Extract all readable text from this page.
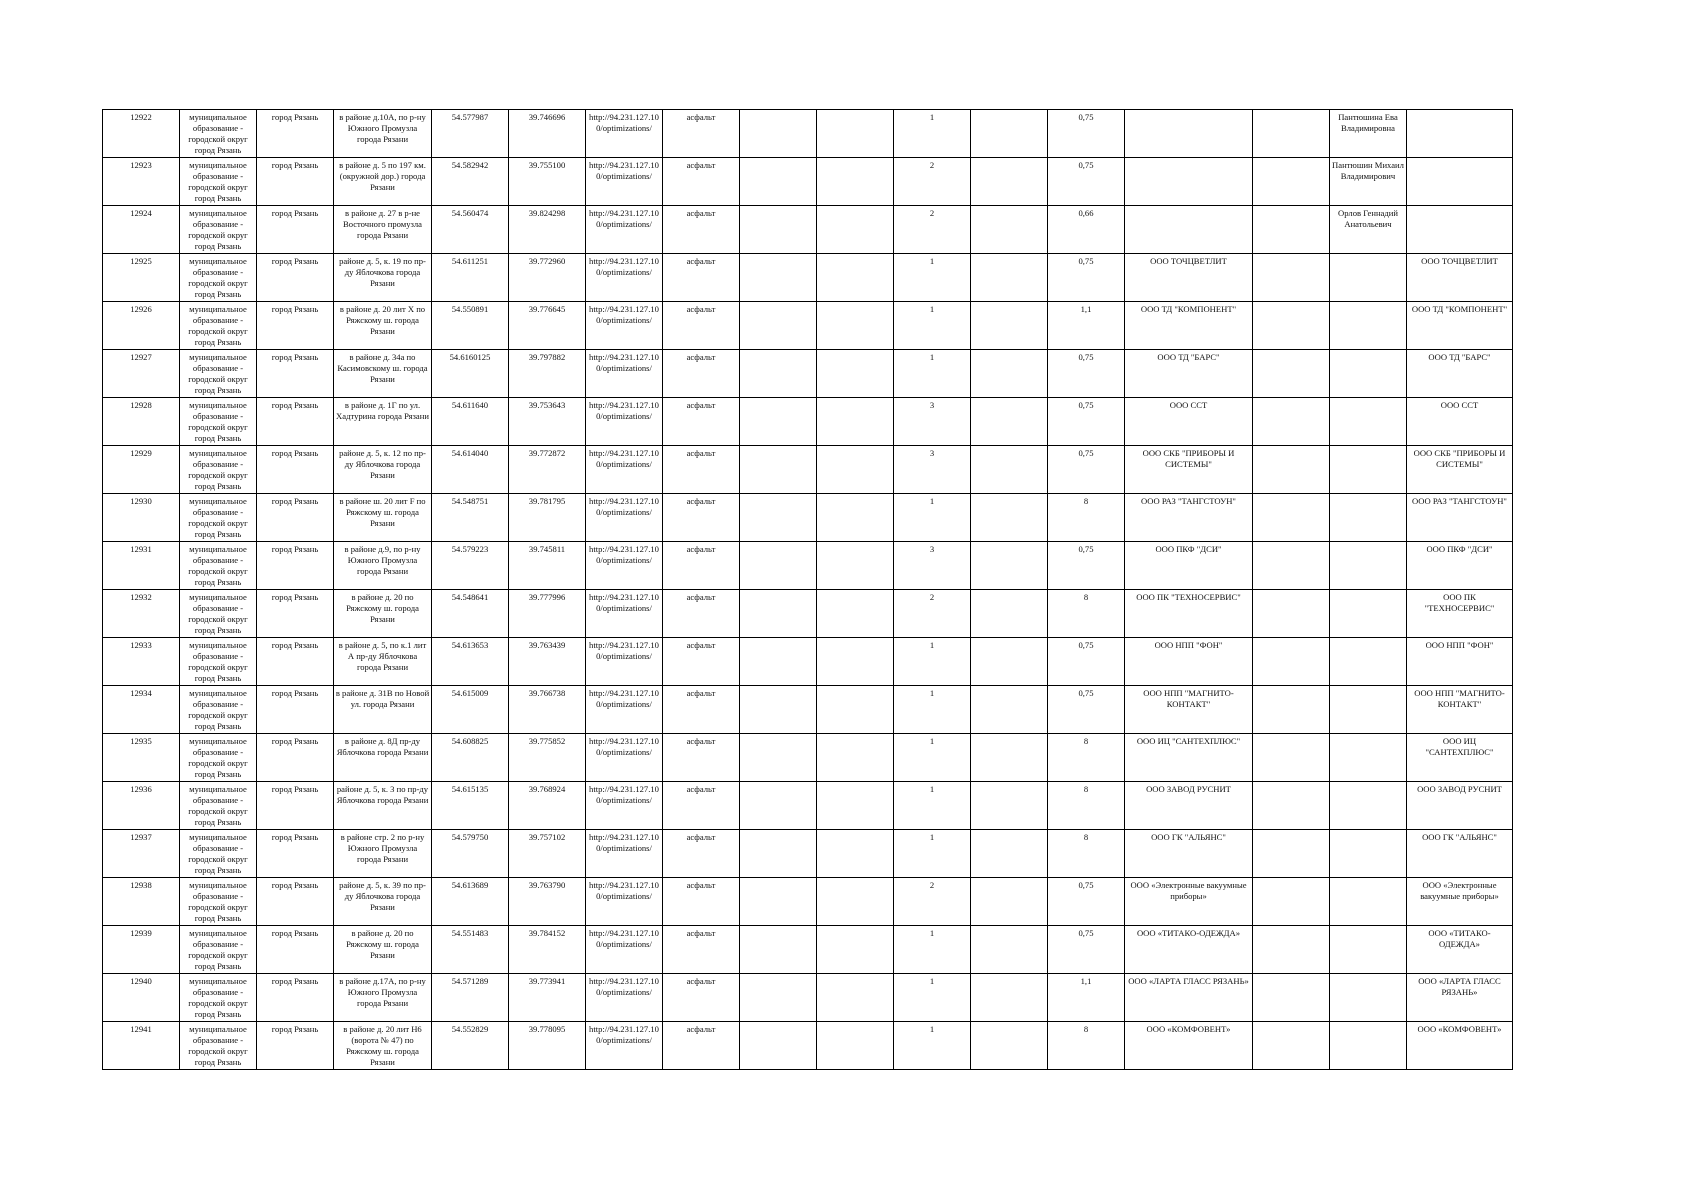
12922	муниципальное образование - городской округ город Рязань	город Рязань	в районе д.10А, по р-ну Южного Промузла города Рязани	54.577987	39.746696	http://94.231.127.100/optimizations/	асфальт			1		0,75			Пантюшина Ева Владимировна	
12923	муниципальное образование - городской округ город Рязань	город Рязань	в районе д. 5 по 197 км. (окружной дор.) города Рязани	54.582942	39.755100	http://94.231.127.100/optimizations/	асфальт			2		0,75			Пантюшин Михаил Владимирович	
12924	муниципальное образование - городской округ город Рязань	город Рязань	в районе д. 27 в р-не Восточного промузла города Рязани	54.560474	39.824298	http://94.231.127.100/optimizations/	асфальт			2		0,66			Орлов Геннадий Анатольевич	
12925	муниципальное образование - городской округ город Рязань	город Рязань	районе д. 5, к. 19 по пр-ду Яблочкова города Рязани	54.611251	39.772960	http://94.231.127.100/optimizations/	асфальт			1		0,75	ООО ТОЧЦВЕТЛИТ			ООО ТОЧЦВЕТЛИТ
12926	муниципальное образование - городской округ город Рязань	город Рязань	в районе д. 20 лит X по Ряжскому ш. города Рязани	54.550891	39.776645	http://94.231.127.100/optimizations/	асфальт			1		1,1	ООО ТД "КОМПОНЕНТ"			ООО ТД "КОМПОНЕНТ"
12927	муниципальное образование - городской округ город Рязань	город Рязань	в районе д. 34а по Касимовскому ш. города Рязани	54.6160125	39.797882	http://94.231.127.100/optimizations/	асфальт			1		0,75	ООО ТД "БАРС"			ООО ТД "БАРС"
12928	муниципальное образование - городской округ город Рязань	город Рязань	в районе д. 1Г по ул. Хадтурина города Рязани	54.611640	39.753643	http://94.231.127.100/optimizations/	асфальт			3		0,75	ООО ССТ			ООО ССТ
12929	муниципальное образование - городской округ город Рязань	город Рязань	районе д. 5, к. 12 по пр-ду Яблочкова города Рязани	54.614040	39.772872	http://94.231.127.100/optimizations/	асфальт			3		0,75	ООО СКБ "ПРИБОРЫ И СИСТЕМЫ"			ООО СКБ "ПРИБОРЫ И СИСТЕМЫ"
12930	муниципальное образование - городской округ город Рязань	город Рязань	в районе ш. 20 лит F по Ряжскому ш. города Рязани	54.548751	39.781795	http://94.231.127.100/optimizations/	асфальт			1		8	ООО РАЗ "ТАНГСТОУН"			ООО РАЗ "ТАНГСТОУН"
12931	муниципальное образование - городской округ город Рязань	город Рязань	в районе д.9, по р-ну Южного Промузла города Рязани	54.579223	39.745811	http://94.231.127.100/optimizations/	асфальт			3		0,75	ООО ПКФ "ДСИ"			ООО ПКФ "ДСИ"
12932	муниципальное образование - городской округ город Рязань	город Рязань	в районе д. 20 по Ряжскому ш. города Рязани	54.548641	39.777996	http://94.231.127.100/optimizations/	асфальт			2		8	ООО ПК "ТЕХНОСЕРВИС"			ООО ПК "ТЕХНОСЕРВИС"
12933	муниципальное образование - городской округ город Рязань	город Рязань	в районе д. 5, по к.1 лит А пр-ду Яблочкова города Рязани	54.613653	39.763439	http://94.231.127.100/optimizations/	асфальт			1		0,75	ООО НПП "ФОН"			ООО НПП "ФОН"
12934	муниципальное образование - городской округ город Рязань	город Рязань	в районе д. 31В по Новой ул. города Рязани	54.615009	39.766738	http://94.231.127.100/optimizations/	асфальт			1		0,75	ООО НПП "МАГНИТО-КОНТАКТ"			ООО НПП "МАГНИТО-КОНТАКТ"
12935	муниципальное образование - городской округ город Рязань	город Рязань	в районе д. 8Д пр-ду Яблочкова города Рязани	54.608825	39.775852	http://94.231.127.100/optimizations/	асфальт			1		8	ООО ИЦ "САНТЕХПЛЮС"			ООО ИЦ "САНТЕХПЛЮС"
12936	муниципальное образование - городской округ город Рязань	город Рязань	районе д. 5, к. 3 по пр-ду Яблочкова города Рязани	54.615135	39.768924	http://94.231.127.100/optimizations/	асфальт			1		8	ООО ЗАВОД РУСНИТ			ООО ЗАВОД РУСНИТ
12937	муниципальное образование - городской округ город Рязань	город Рязань	в районе стр. 2 по р-ну Южного Промузла города Рязани	54.579750	39.757102	http://94.231.127.100/optimizations/	асфальт			1		8	ООО ГК "АЛЬЯНС"			ООО ГК "АЛЬЯНС"
12938	муниципальное образование - городской округ город Рязань	город Рязань	районе д. 5, к. 39 по пр-ду Яблочкова города Рязани	54.613689	39.763790	http://94.231.127.100/optimizations/	асфальт			2		0,75	ООО «Электронные вакуумные приборы»			ООО «Электронные вакуумные приборы»
12939	муниципальное образование - городской округ город Рязань	город Рязань	в районе д. 20 по Ряжскому ш. города Рязани	54.551483	39.784152	http://94.231.127.100/optimizations/	асфальт			1		0,75	ООО «ТИТАКО-ОДЕЖДА»			ООО «ТИТАКО-ОДЕЖДА»
12940	муниципальное образование - городской округ город Рязань	город Рязань	в районе д.17А, по р-ну Южного Промузла города Рязани	54.571289	39.773941	http://94.231.127.100/optimizations/	асфальт			1		1,1	ООО «ЛАРТА ГЛАСС РЯЗАНЬ»			ООО «ЛАРТА ГЛАСС РЯЗАНЬ»
12941	муниципальное образование - городской округ город Рязань	город Рязань	в районе д. 20 лит Н6 (ворота № 47) по Ряжскому ш. города Рязани	54.552829	39.778095	http://94.231.127.100/optimizations/	асфальт			1		8	ООО «КОМФОВЕНТ»			ООО «КОМФОВЕНТ»
